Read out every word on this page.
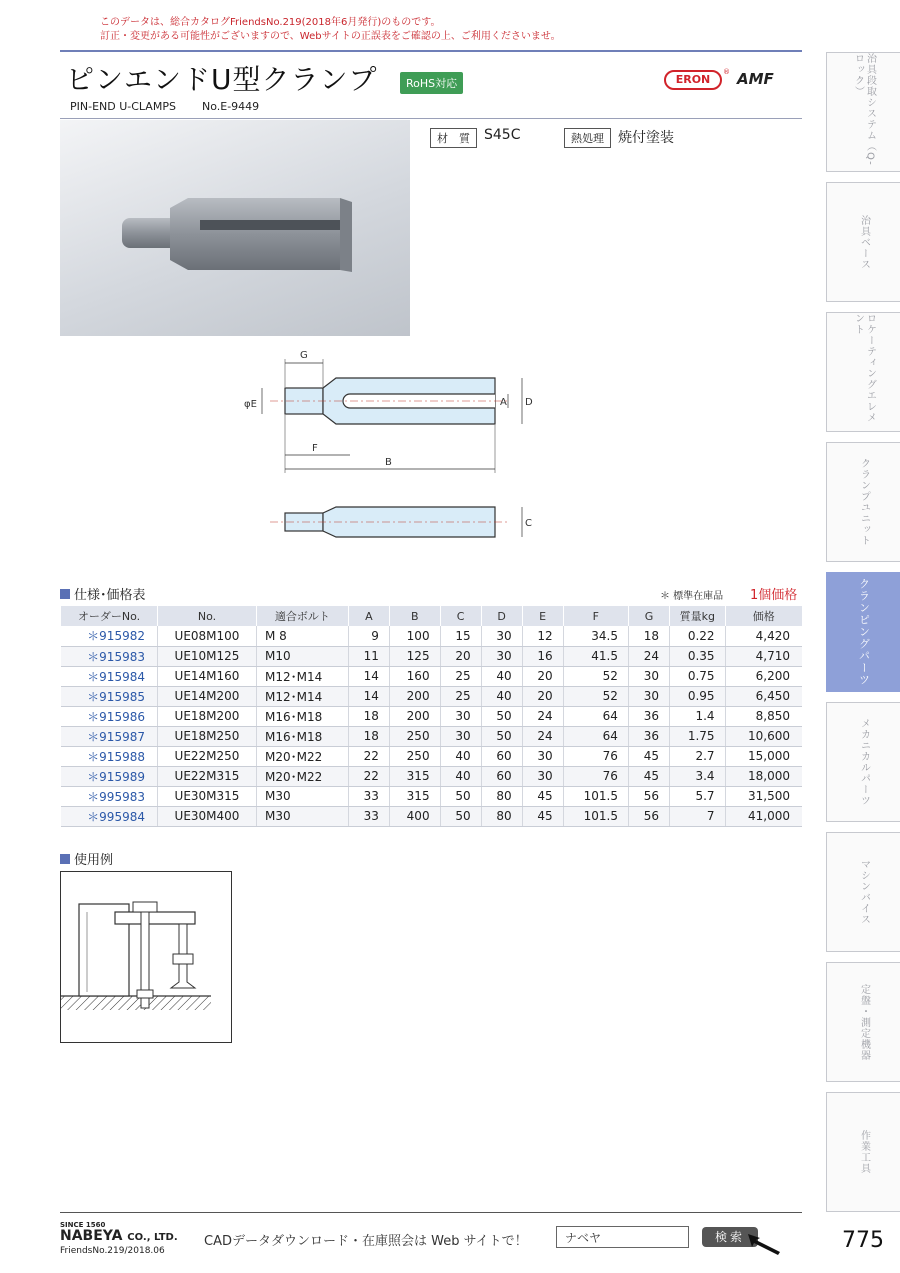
このデータは、総合カタログFriendsNo.219(2018年6月発行)のものです。
訂正・変更がある可能性がございますので、Webサイトの正誤表をご確認の上、ご利用くださいませ。
ピンエンドU型クランプ	RoHS対応
PIN-END U-CLAMPS No.E-9449
ERON
® AMF
材　質	S45C	熱処理	焼付塗装
G
φE	A D
F
B
C
仕様･価格表	＊ 標準在庫品 1個価格
オーダーNo.	No.	適合ボルト	A	B	C	D	E	F	G	質量kg	価格
＊915982	UE08M100	M 8	9	100	15	30	12	34.5	18	0.22	4,420
＊915983	UE10M125	M10	11	125	20	30	16	41.5	24	0.35	4,710
＊915984	UE14M160	M12･M14	14	160	25	40	20	52	30	0.75	6,200
＊915985	UE14M200	M12･M14	14	200	25	40	20	52	30	0.95	6,450
＊915986	UE18M200	M16･M18	18	200	30	50	24	64	36	1.4	8,850
＊915987	UE18M250	M16･M18	18	250	30	50	24	64	36	1.75	10,600
＊915988	UE22M250	M20･M22	22	250	40	60	30	76	45	2.7	15,000
＊915989	UE22M315	M20･M22	22	315	40	60	30	76	45	3.4	18,000
＊995983	UE30M315	M30	33	315	50	80	45	101.5	56	5.7	31,500
＊995984	UE30M400	M30	33	400	50	80	45	101.5	56	7	41,000
使用例
治具段取システム（Q-ロック）
治具ベース
ロケーティングエレメント
クランプユニット
クランピングパーツ
メカニカルパーツ
マシンバイス
定盤・測定機器
作業工具
SINCE 1560
NABEYA CO., LTD.
FriendsNo.219/2018.06
CADデータダウンロード・在庫照会は Web サイトで！
ナベヤ	検索	775
